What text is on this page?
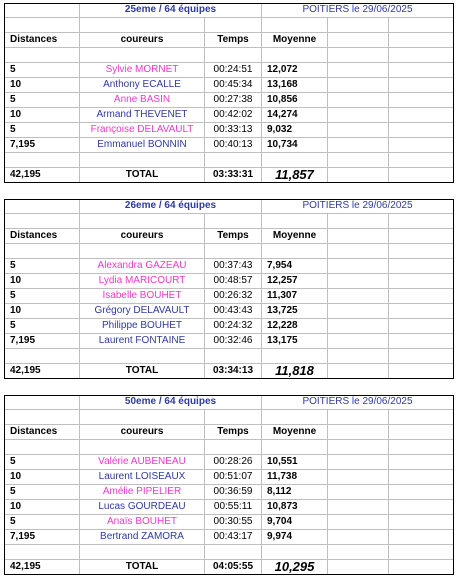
25eme / 64 équipes	POITIERS le 29/06/2025
Distances	coureurs	Temps	Moyenne
5	Sylvie MORNET	00:24:51	12,072
10	Anthony ECALLE	00:45:34	13,168
5	Anne BASIN	00:27:38	10,856
10	Armand THEVENET	00:42:02	14,274
5	Françoise DELAVAULT	00:33:13	9,032
7,195	Emmanuel BONNIN	00:40:13	10,734
42,195	TOTAL	03:33:31	11,857
26eme / 64 équipes	POITIERS le 29/06/2025
Distances	coureurs	Temps	Moyenne
5	Alexandra GAZEAU	00:37:43	7,954
10	Lydia MARICOURT	00:48:57	12,257
5	Isabelle BOUHET	00:26:32	11,307
10	Grégory DELAVAULT	00:43:43	13,725
5	Philippe BOUHET	00:24:32	12,228
7,195	Laurent FONTAINE	00:32:46	13,175
42,195	TOTAL	03:34:13	11,818
50eme / 64 équipes	POITIERS le 29/06/2025
Distances	coureurs	Temps	Moyenne
5	Valérie AUBENEAU	00:28:26	10,551
10	Laurent LOISEAUX	00:51:07	11,738
5	Amélie PIPELIER	00:36:59	8,112
10	Lucas GOURDEAU	00:55:11	10,873
5	Anaïs BOUHET	00:30:55	9,704
7,195	Bertrand ZAMORA	00:43:17	9,974
42,195	TOTAL	04:05:55	10,295
